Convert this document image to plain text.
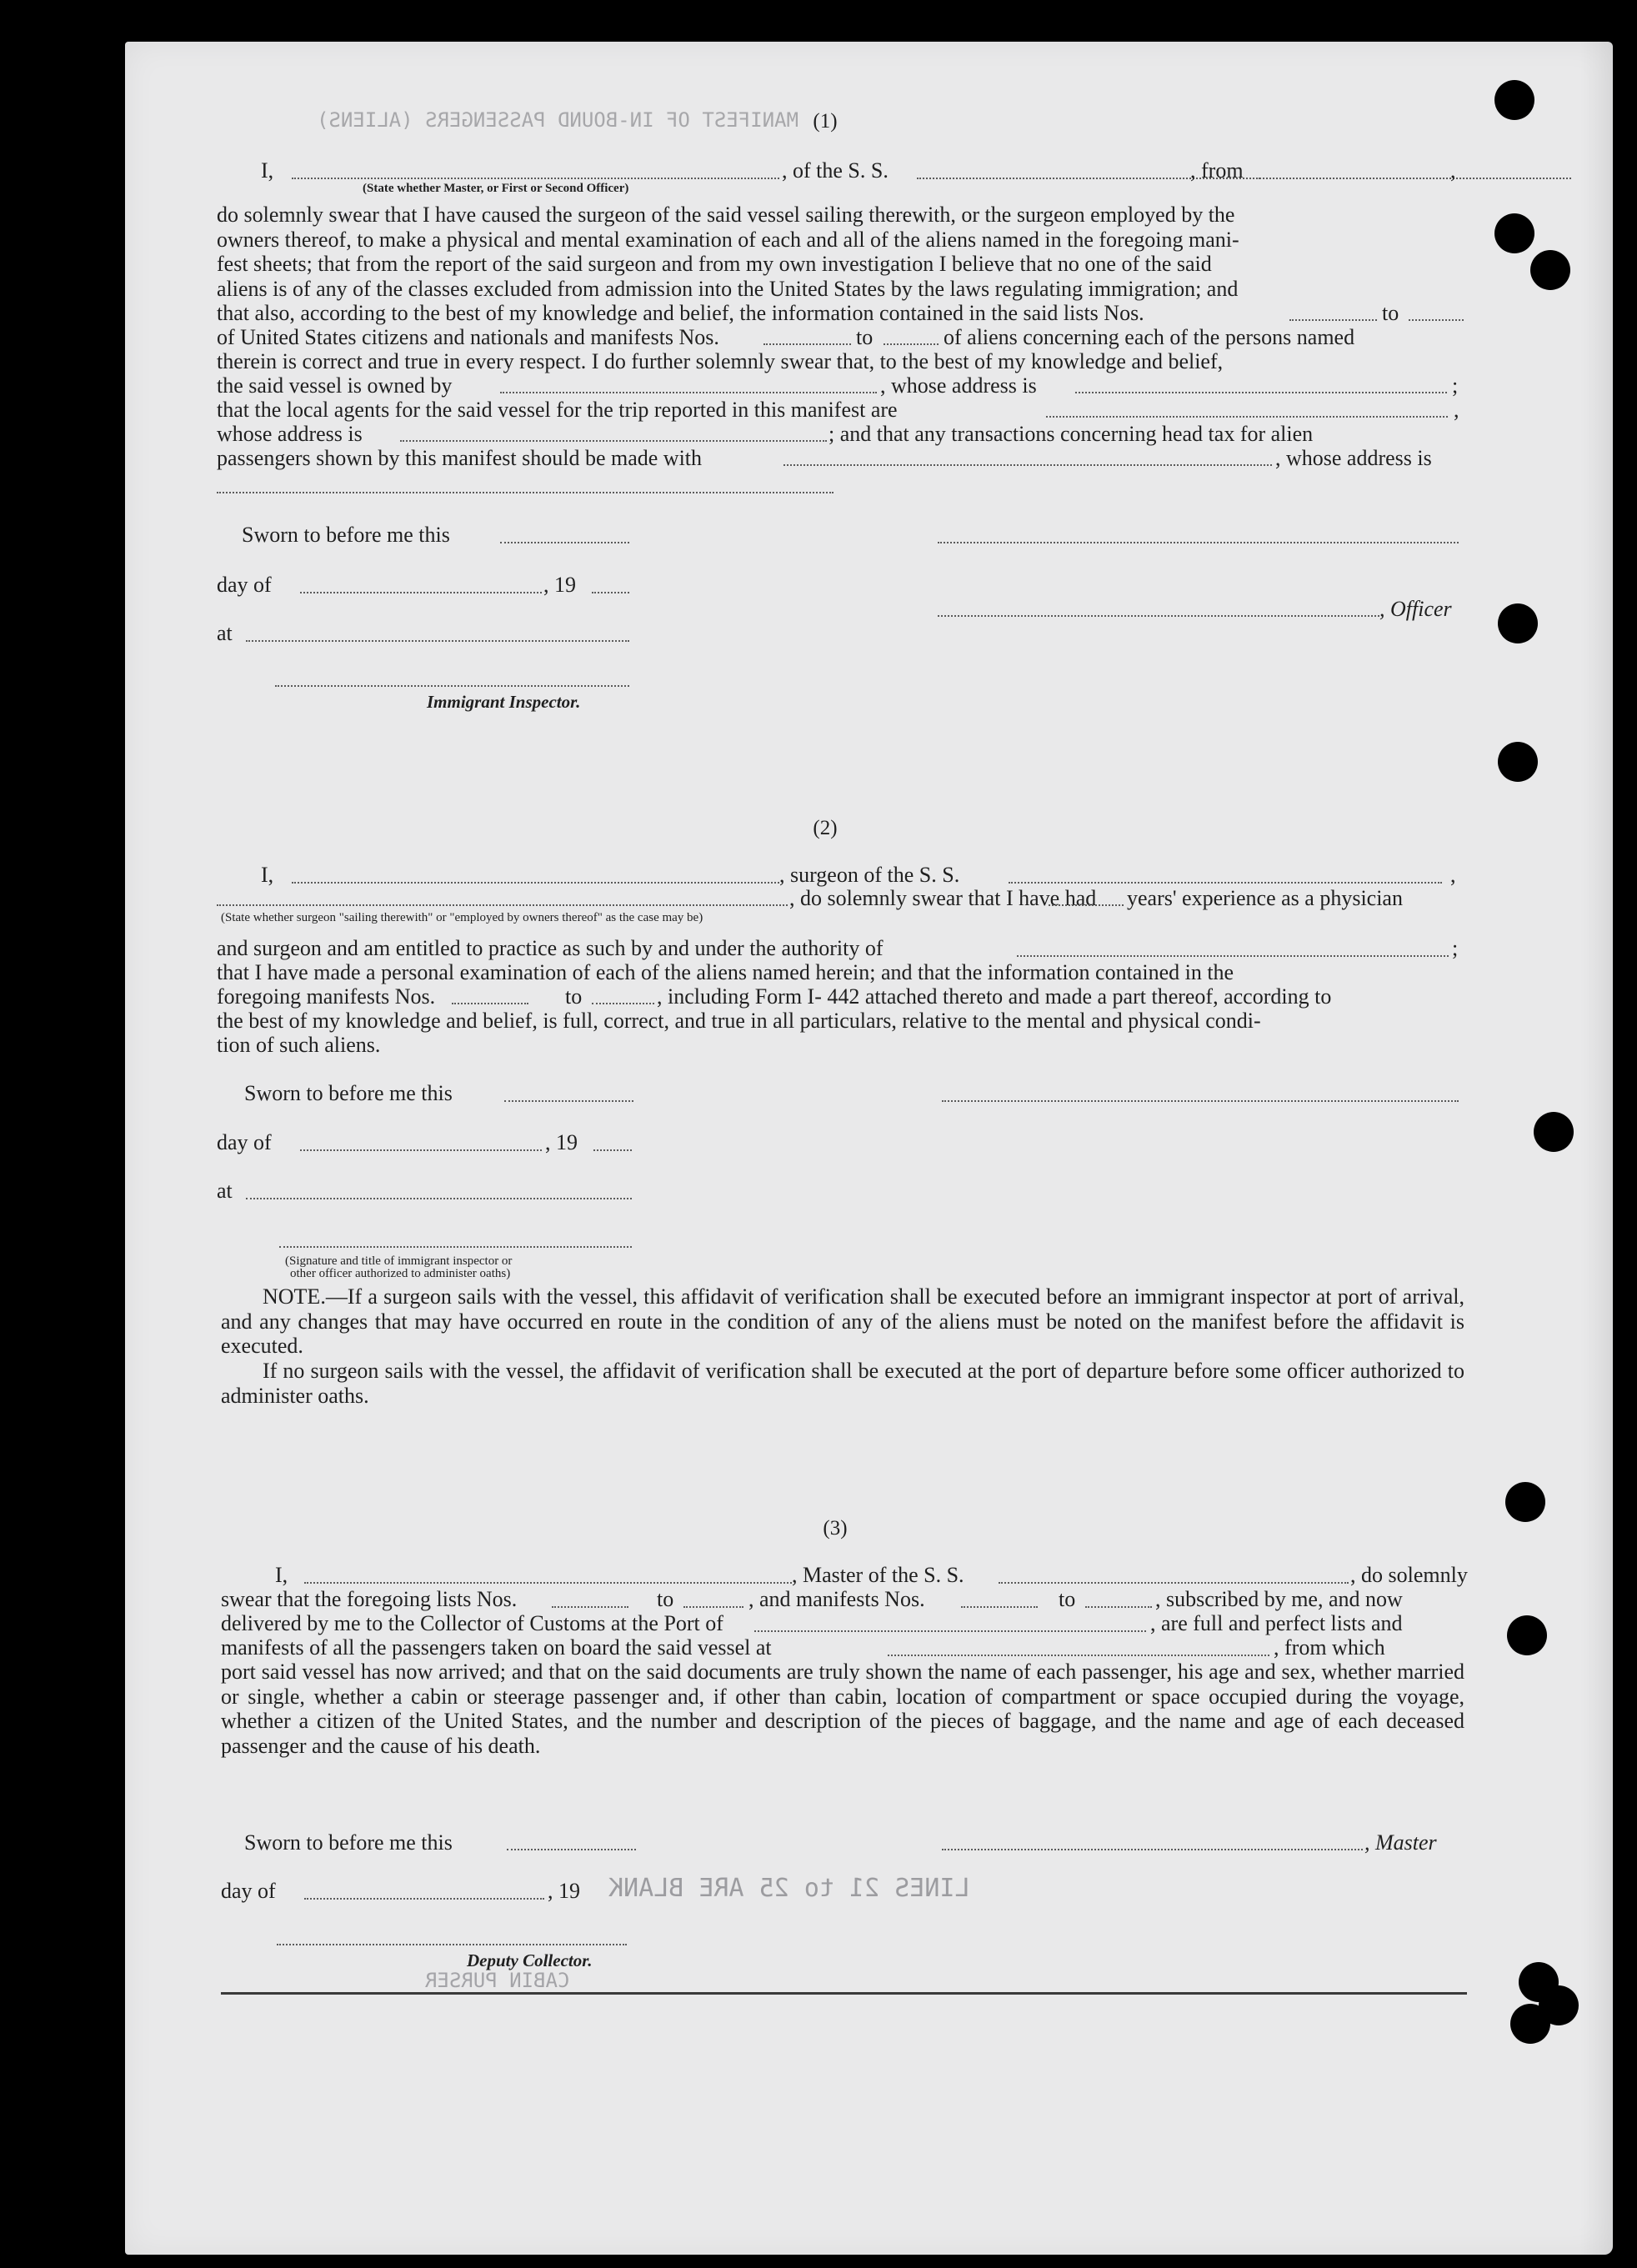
MANIFEST OF IN-BOUND PASSENGERS (ALIENS) (1)
I,	, of the S. S.	, from	,
(State whether Master, or First or Second Officer)
do solemnly swear that I have caused the surgeon of the said vessel sailing therewith, or the surgeon employed by the
owners thereof, to make a physical and mental examination of each and all of the aliens named in the foregoing mani-
fest sheets; that from the report of the said surgeon and from my own investigation I believe that no one of the said
aliens is of any of the classes excluded from admission into the United States by the laws regulating immigration; and
that also, according to the best of my knowledge and belief, the information contained in the said lists Nos.	to
of United States citizens and nationals and manifests Nos.	to	of aliens concerning each of the persons named
therein is correct and true in every respect. I do further solemnly swear that, to the best of my knowledge and belief,
the said vessel is owned by	, whose address is	;
that the local agents for the said vessel for the trip reported in this manifest are	,
whose address is	; and that any transactions concerning head tax for alien
passengers shown by this manifest should be made with	, whose address is
Sworn to before me this
day of	, 19
, Officer
at
Immigrant Inspector.
(2)
I,	, surgeon of the S. S.	,
, do solemnly swear that I have had years' experience as a physician
(State whether surgeon "sailing therewith" or "employed by owners thereof" as the case may be)
and surgeon and am entitled to practice as such by and under the authority of	;
that I have made a personal examination of each of the aliens named herein; and that the information contained in the
foregoing manifests Nos.	to	, including Form I- 442 attached thereto and made a part thereof, according to
the best of my knowledge and belief, is full, correct, and true in all particulars, relative to the mental and physical condi-
tion of such aliens.
Sworn to before me this
day of	, 19
at
(Signature and title of immigrant inspector or
other officer authorized to administer oaths)
NOTE.—If a surgeon sails with the vessel, this affidavit of verification shall be executed before an immigrant inspector at port of arrival, and any changes that may have occurred en route in the condition of any of the aliens must be noted on the manifest before the affidavit is executed.
If no surgeon sails with the vessel, the affidavit of verification shall be executed at the port of departure before some officer authorized to administer oaths.
(3)
I,	, Master of the S. S.	, do solemnly
swear that the foregoing lists Nos.	to	, and manifests Nos.	to	, subscribed by me, and now
delivered by me to the Collector of Customs at the Port of	, are full and perfect lists and
manifests of all the passengers taken on board the said vessel at	, from which
port said vessel has now arrived; and that on the said documents are truly shown the name of each passenger, his age and sex, whether married or single, whether a cabin or steerage passenger and, if other than cabin, location of compartment or space occupied during the voyage, whether a citizen of the United States, and the number and description of the pieces of baggage, and the name and age of each deceased passenger and the cause of his death.
Sworn to before me this	, Master
day of	, 19 LINES 21 to 25 ARE BLANK
Deputy Collector.
CABIN PURSER
